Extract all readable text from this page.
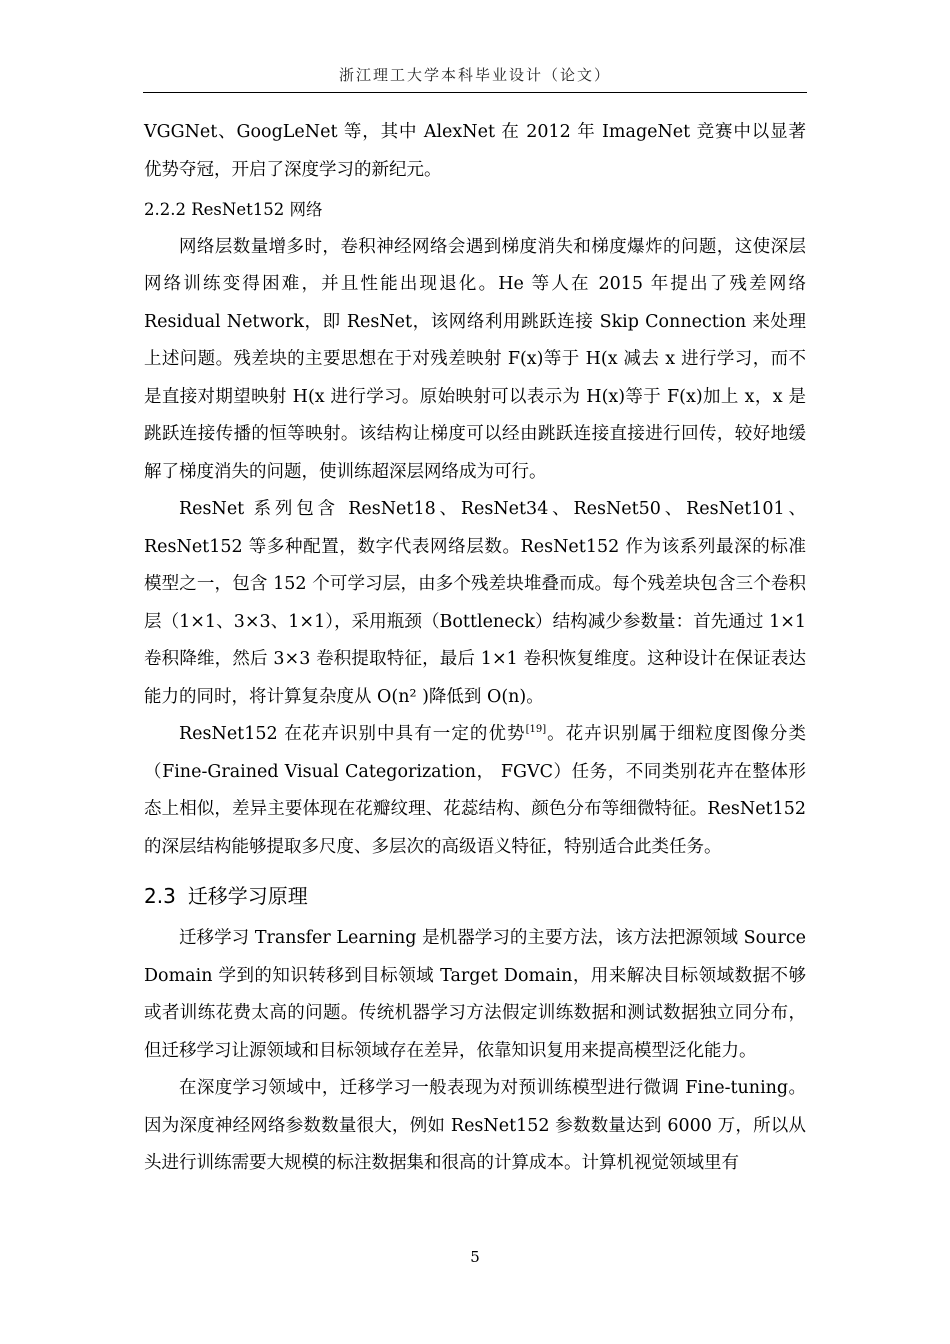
浙江理工大学本科毕业设计（论文）

VGGNet、GoogLeNet 等，其中 AlexNet 在 2012 年 ImageNet 竞赛中以显著优势夺冠，开启了深度学习的新纪元。

2.2.2 ResNet152 网络

网络层数量增多时，卷积神经网络会遇到梯度消失和梯度爆炸的问题，这使深层网络训练变得困难，并且性能出现退化。He 等人在 2015 年提出了残差网络 Residual Network，即 ResNet，该网络利用跳跃连接 Skip Connection 来处理上述问题。残差块的主要思想在于对残差映射 F(x)等于 H(x 减去 x 进行学习，而不是直接对期望映射 H(x 进行学习。原始映射可以表示为 H(x)等于 F(x)加上 x，x 是跳跃连接传播的恒等映射。该结构让梯度可以经由跳跃连接直接进行回传，较好地缓解了梯度消失的问题，使训练超深层网络成为可行。

ResNet 系列包含 ResNet18、ResNet34、ResNet50、ResNet101、ResNet152 等多种配置，数字代表网络层数。ResNet152 作为该系列最深的标准模型之一，包含 152 个可学习层，由多个残差块堆叠而成。每个残差块包含三个卷积层（1×1、3×3、1×1），采用瓶颈（Bottleneck）结构减少参数量：首先通过 1×1 卷积降维，然后 3×3 卷积提取特征，最后 1×1 卷积恢复维度。这种设计在保证表达能力的同时，将计算复杂度从 O(n² )降低到 O(n)。

ResNet152 在花卉识别中具有一定的优势[19]。花卉识别属于细粒度图像分类（Fine-Grained Visual Categorization， FGVC）任务，不同类别花卉在整体形态上相似，差异主要体现在花瓣纹理、花蕊结构、颜色分布等细微特征。ResNet152 的深层结构能够提取多尺度、多层次的高级语义特征，特别适合此类任务。

2.3 迁移学习原理

迁移学习 Transfer Learning 是机器学习的主要方法，该方法把源领域 Source Domain 学到的知识转移到目标领域 Target Domain，用来解决目标领域数据不够或者训练花费太高的问题。传统机器学习方法假定训练数据和测试数据独立同分布，但迁移学习让源领域和目标领域存在差异，依靠知识复用来提高模型泛化能力。

在深度学习领域中，迁移学习一般表现为对预训练模型进行微调 Fine-tuning。因为深度神经网络参数数量很大，例如 ResNet152 参数数量达到 6000 万，所以从头进行训练需要大规模的标注数据集和很高的计算成本。计算机视觉领域里有

5
